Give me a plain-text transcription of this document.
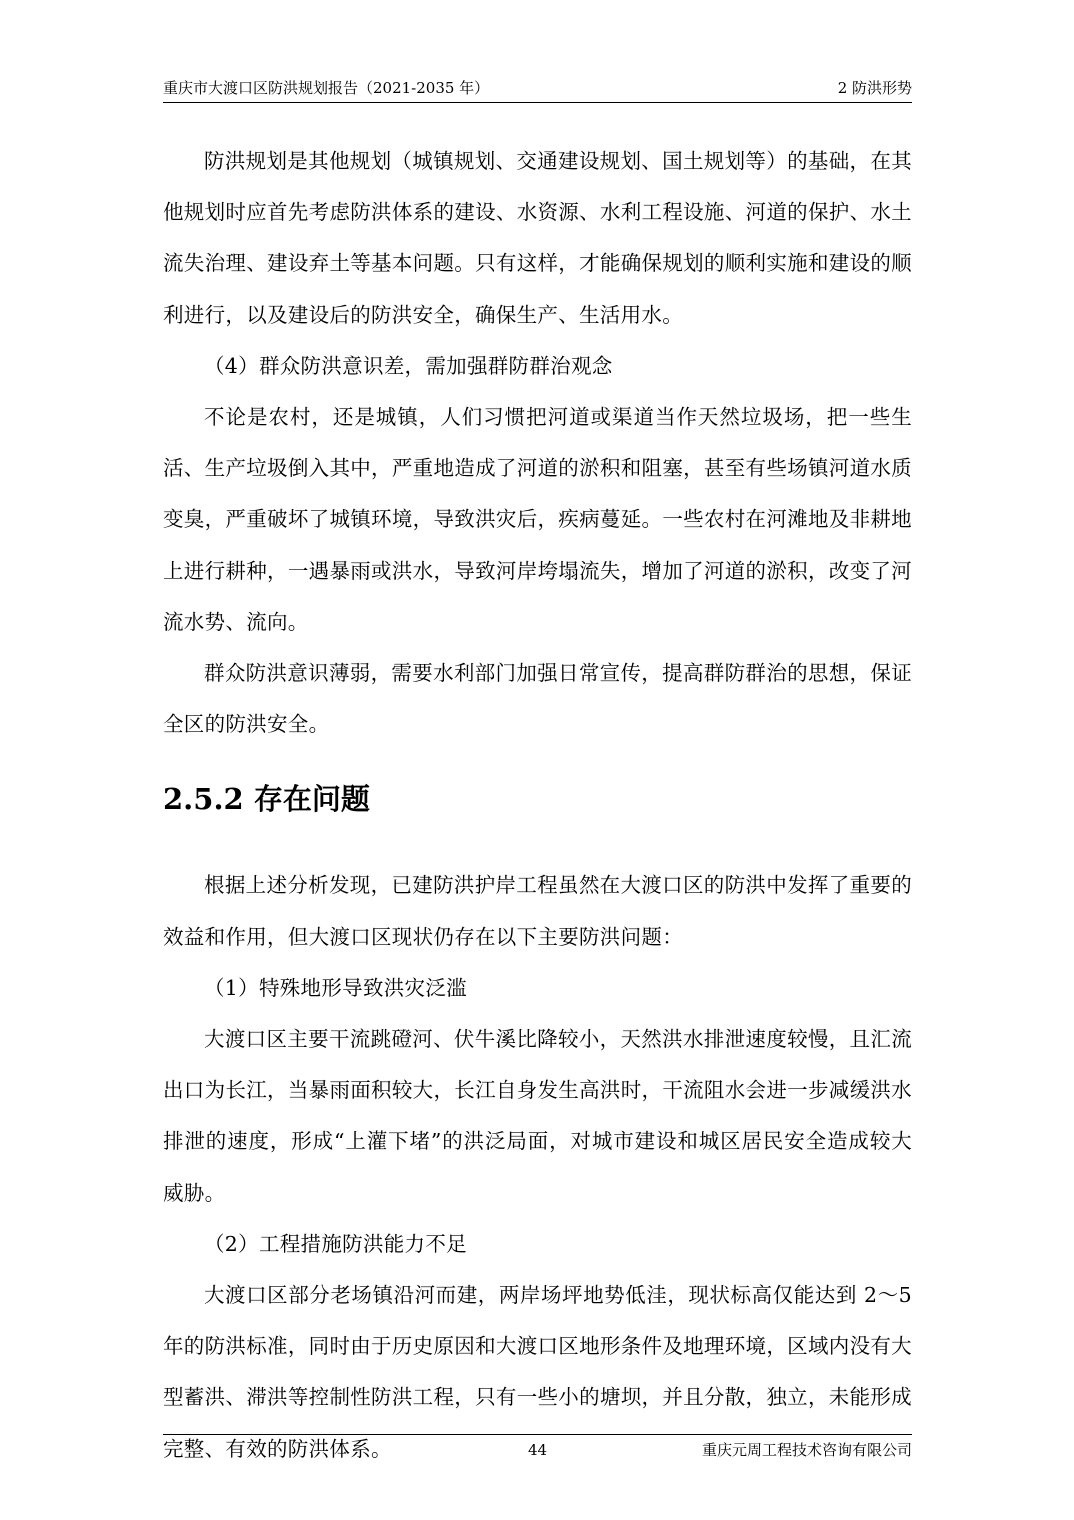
重庆市大渡口区防洪规划报告（2021-2035 年）	2 防洪形势

防洪规划是其他规划（城镇规划、交通建设规划、国土规划等）的基础，在其他规划时应首先考虑防洪体系的建设、水资源、水利工程设施、河道的保护、水土流失治理、建设弃土等基本问题。只有这样，才能确保规划的顺利实施和建设的顺利进行，以及建设后的防洪安全，确保生产、生活用水。

（4）群众防洪意识差，需加强群防群治观念

不论是农村，还是城镇，人们习惯把河道或渠道当作天然垃圾场，把一些生活、生产垃圾倒入其中，严重地造成了河道的淤积和阻塞，甚至有些场镇河道水质变臭，严重破坏了城镇环境，导致洪灾后，疾病蔓延。一些农村在河滩地及非耕地上进行耕种，一遇暴雨或洪水，导致河岸垮塌流失，增加了河道的淤积，改变了河流水势、流向。

群众防洪意识薄弱，需要水利部门加强日常宣传，提高群防群治的思想，保证全区的防洪安全。

2.5.2 存在问题

根据上述分析发现，已建防洪护岸工程虽然在大渡口区的防洪中发挥了重要的效益和作用，但大渡口区现状仍存在以下主要防洪问题：

（1）特殊地形导致洪灾泛滥

大渡口区主要干流跳磴河、伏牛溪比降较小，天然洪水排泄速度较慢，且汇流出口为长江，当暴雨面积较大，长江自身发生高洪时，干流阻水会进一步减缓洪水排泄的速度，形成“上灌下堵”的洪泛局面，对城市建设和城区居民安全造成较大威胁。

（2）工程措施防洪能力不足

大渡口区部分老场镇沿河而建，两岸场坪地势低洼，现状标高仅能达到 2～5 年的防洪标准，同时由于历史原因和大渡口区地形条件及地理环境，区域内没有大型蓄洪、滞洪等控制性防洪工程，只有一些小的塘坝，并且分散，独立，未能形成完整、有效的防洪体系。	44	重庆元周工程技术咨询有限公司
